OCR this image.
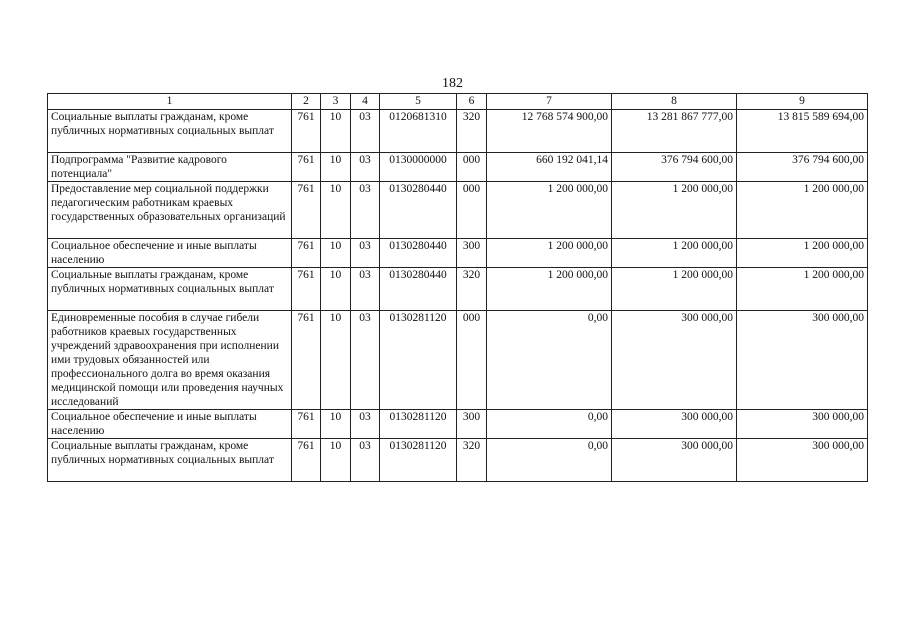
182
1	2	3	4	5	6	7	8	9
Социальные выплаты гражданам, кроме публичных нормативных социальных выплат	761	10	03	0120681310	320	12 768 574 900,00	13 281 867 777,00	13 815 589 694,00
Подпрограмма "Развитие кадрового потенциала"	761	10	03	0130000000	000	660 192 041,14	376 794 600,00	376 794 600,00
Предоставление мер социальной поддержки педагогическим работникам краевых государственных образовательных организаций	761	10	03	0130280440	000	1 200 000,00	1 200 000,00	1 200 000,00
Социальное обеспечение и иные выплаты населению	761	10	03	0130280440	300	1 200 000,00	1 200 000,00	1 200 000,00
Социальные выплаты гражданам, кроме публичных нормативных социальных выплат	761	10	03	0130280440	320	1 200 000,00	1 200 000,00	1 200 000,00
Единовременные пособия в случае гибели работников краевых государственных учреждений здравоохранения при исполнении ими трудовых обязанностей или профессионального долга во время оказания медицинской помощи или проведения научных исследований	761	10	03	0130281120	000	0,00	300 000,00	300 000,00
Социальное обеспечение и иные выплаты населению	761	10	03	0130281120	300	0,00	300 000,00	300 000,00
Социальные выплаты гражданам, кроме публичных нормативных социальных выплат	761	10	03	0130281120	320	0,00	300 000,00	300 000,00
